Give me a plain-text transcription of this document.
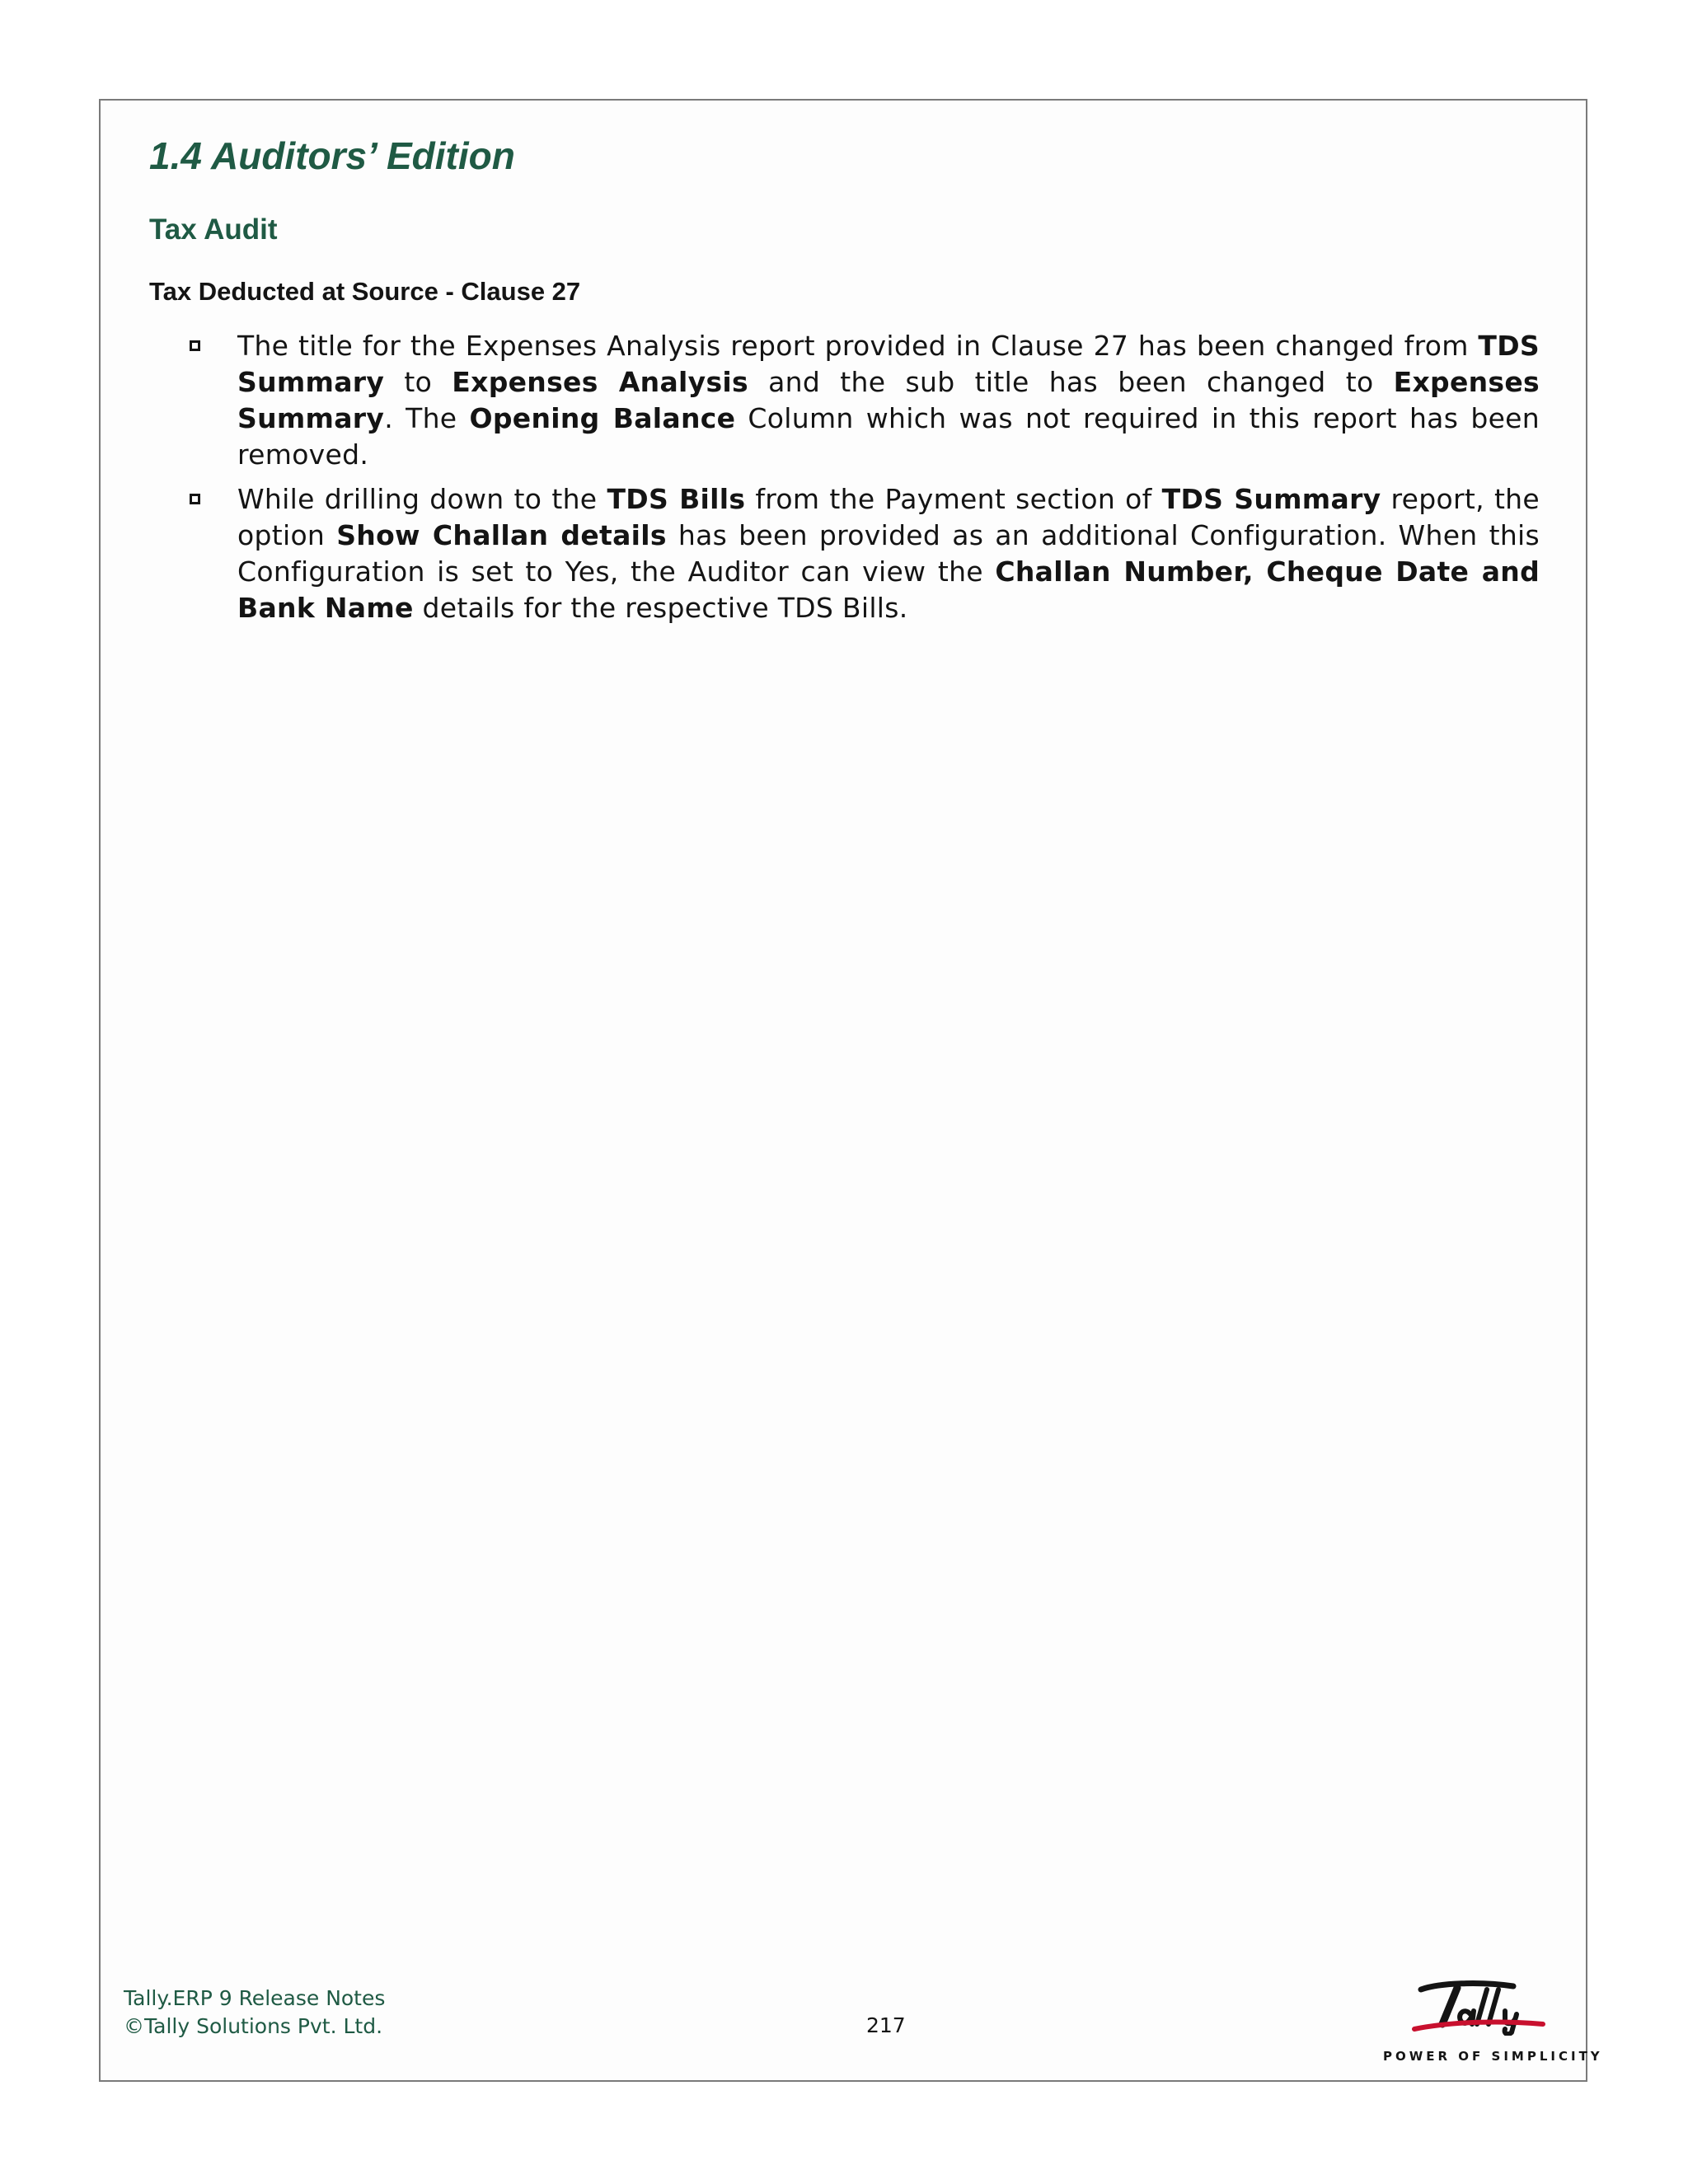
1.4 Auditors’ Edition
Tax Audit
Tax Deducted at Source - Clause 27
The title for the Expenses Analysis report provided in Clause 27 has been changed from TDS Summary to Expenses Analysis and the sub title has been changed to Expenses Summary. The Opening Balance Column which was not required in this report has been removed.
While drilling down to the TDS Bills from the Payment section of TDS Summary report, the option Show Challan details has been provided as an additional Configuration. When this Configuration is set to Yes, the Auditor can view the Challan Number, Cheque Date and Bank Name details for the respective TDS Bills.
Tally.ERP 9 Release Notes
©Tally Solutions Pvt. Ltd.	217
POWER OF SIMPLICITY
